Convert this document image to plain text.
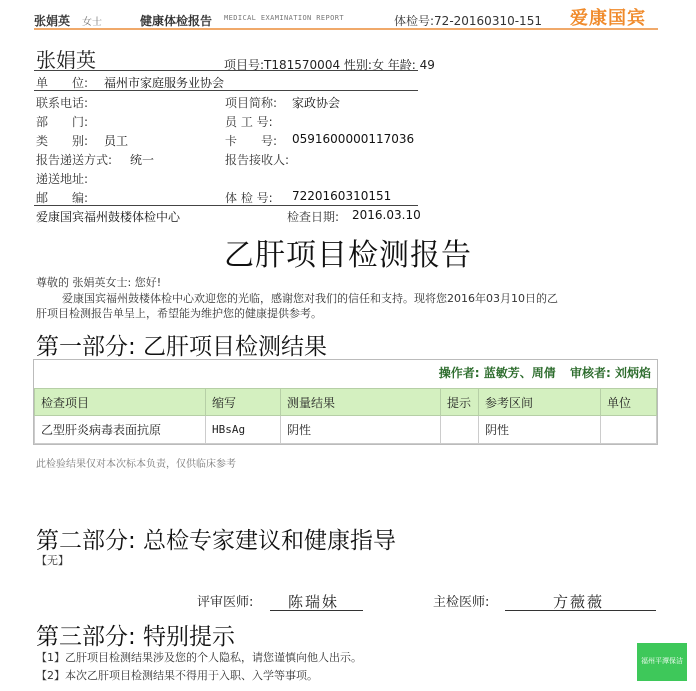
张娟英 女士	健康体检报告 MEDICAL EXAMINATION REPORT	体检号:72-20160310-151 爱康国宾
张娟英	项目号:T181570004 性别:女 年龄: 49
单　　位: 福州市家庭服务业协会
联系电话:	项目简称: 家政协会
部　　门:	员 工 号:
类　　别: 员工	卡　　号: 0591600000117036
报告递送方式: 统一	报告接收人:
递送地址:
邮　　编:	体 检 号: 7220160310151
爱康国宾福州鼓楼体检中心	检查日期: 2016.03.10
乙肝项目检测报告
尊敬的 张娟英女士: 您好!
爱康国宾福州鼓楼体检中心欢迎您的光临，感谢您对我们的信任和支持。现将您2016年03月10日的乙
肝项目检测报告单呈上，希望能为维护您的健康提供参考。
第一部分: 乙肝项目检测结果
操作者: 蓝敏芳、周倩 审核者: 刘炳焰
检查项目	缩写	测量结果	提示	参考区间	单位
乙型肝炎病毒表面抗原	HBsAg	阴性		阴性	
此检验结果仅对本次标本负责，仅供临床参考
第二部分: 总检专家建议和健康指导
【无】
评审医师: 陈瑞妹	主检医师:	方薇薇
第三部分: 特别提示
【1】乙肝项目检测结果涉及您的个人隐私，请您谨慎向他人出示。
【2】本次乙肝项目检测结果不得用于入职、入学等事项。
福州平潭保洁
